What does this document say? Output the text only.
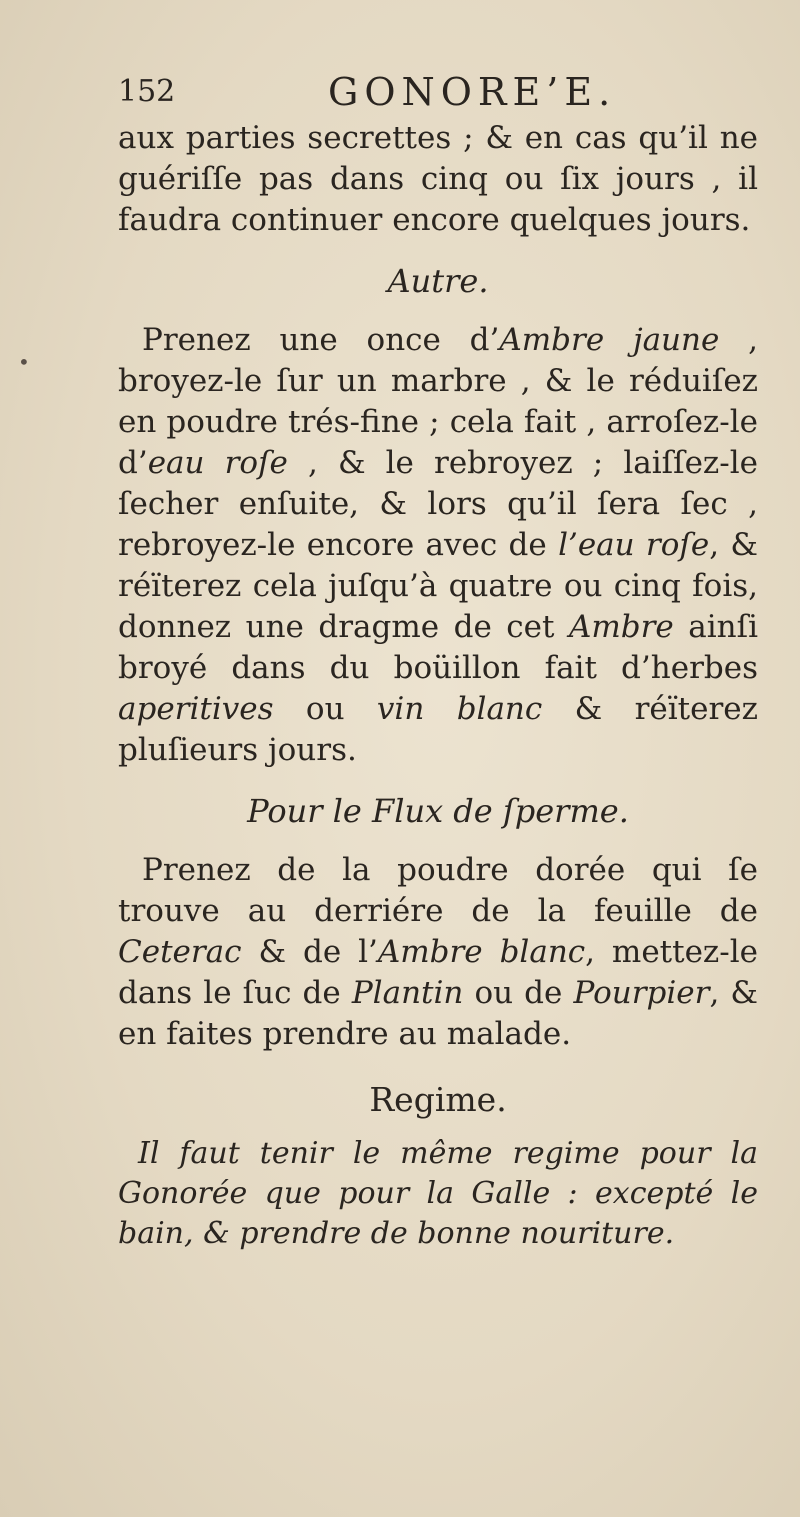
152	GONORE’E.
•

aux parties secrettes ; & en cas qu’il ne guériſſe pas dans cinq ou ſix jours , il faudra continuer encore quelques jours.

Autre.

Prenez une once d’Ambre jaune , broyez-le ſur un marbre , & le réduiſez en poudre trés-fine ; cela fait , arroſez-le d’eau roſe , & le rebroyez ; laiſſez-le ſecher enſuite, & lors qu’il ſera ſec , rebroyez-le encore avec de l’eau roſe, & réïterez cela juſqu’à quatre ou cinq fois, donnez une dragme de cet Ambre ainſi broyé dans du boüillon fait d’herbes aperitives ou vin blanc & réïterez pluſieurs jours.

Pour le Flux de ſperme.

Prenez de la poudre dorée qui ſe trouve au derriére de la feuille de Ceterac & de l’Ambre blanc, mettez-le dans le ſuc de Plantin ou de Pourpier, & en faites prendre au malade.

Regime.

Il faut tenir le même regime pour la Gonorée que pour la Galle : excepté le bain, & prendre de bonne nouriture.
